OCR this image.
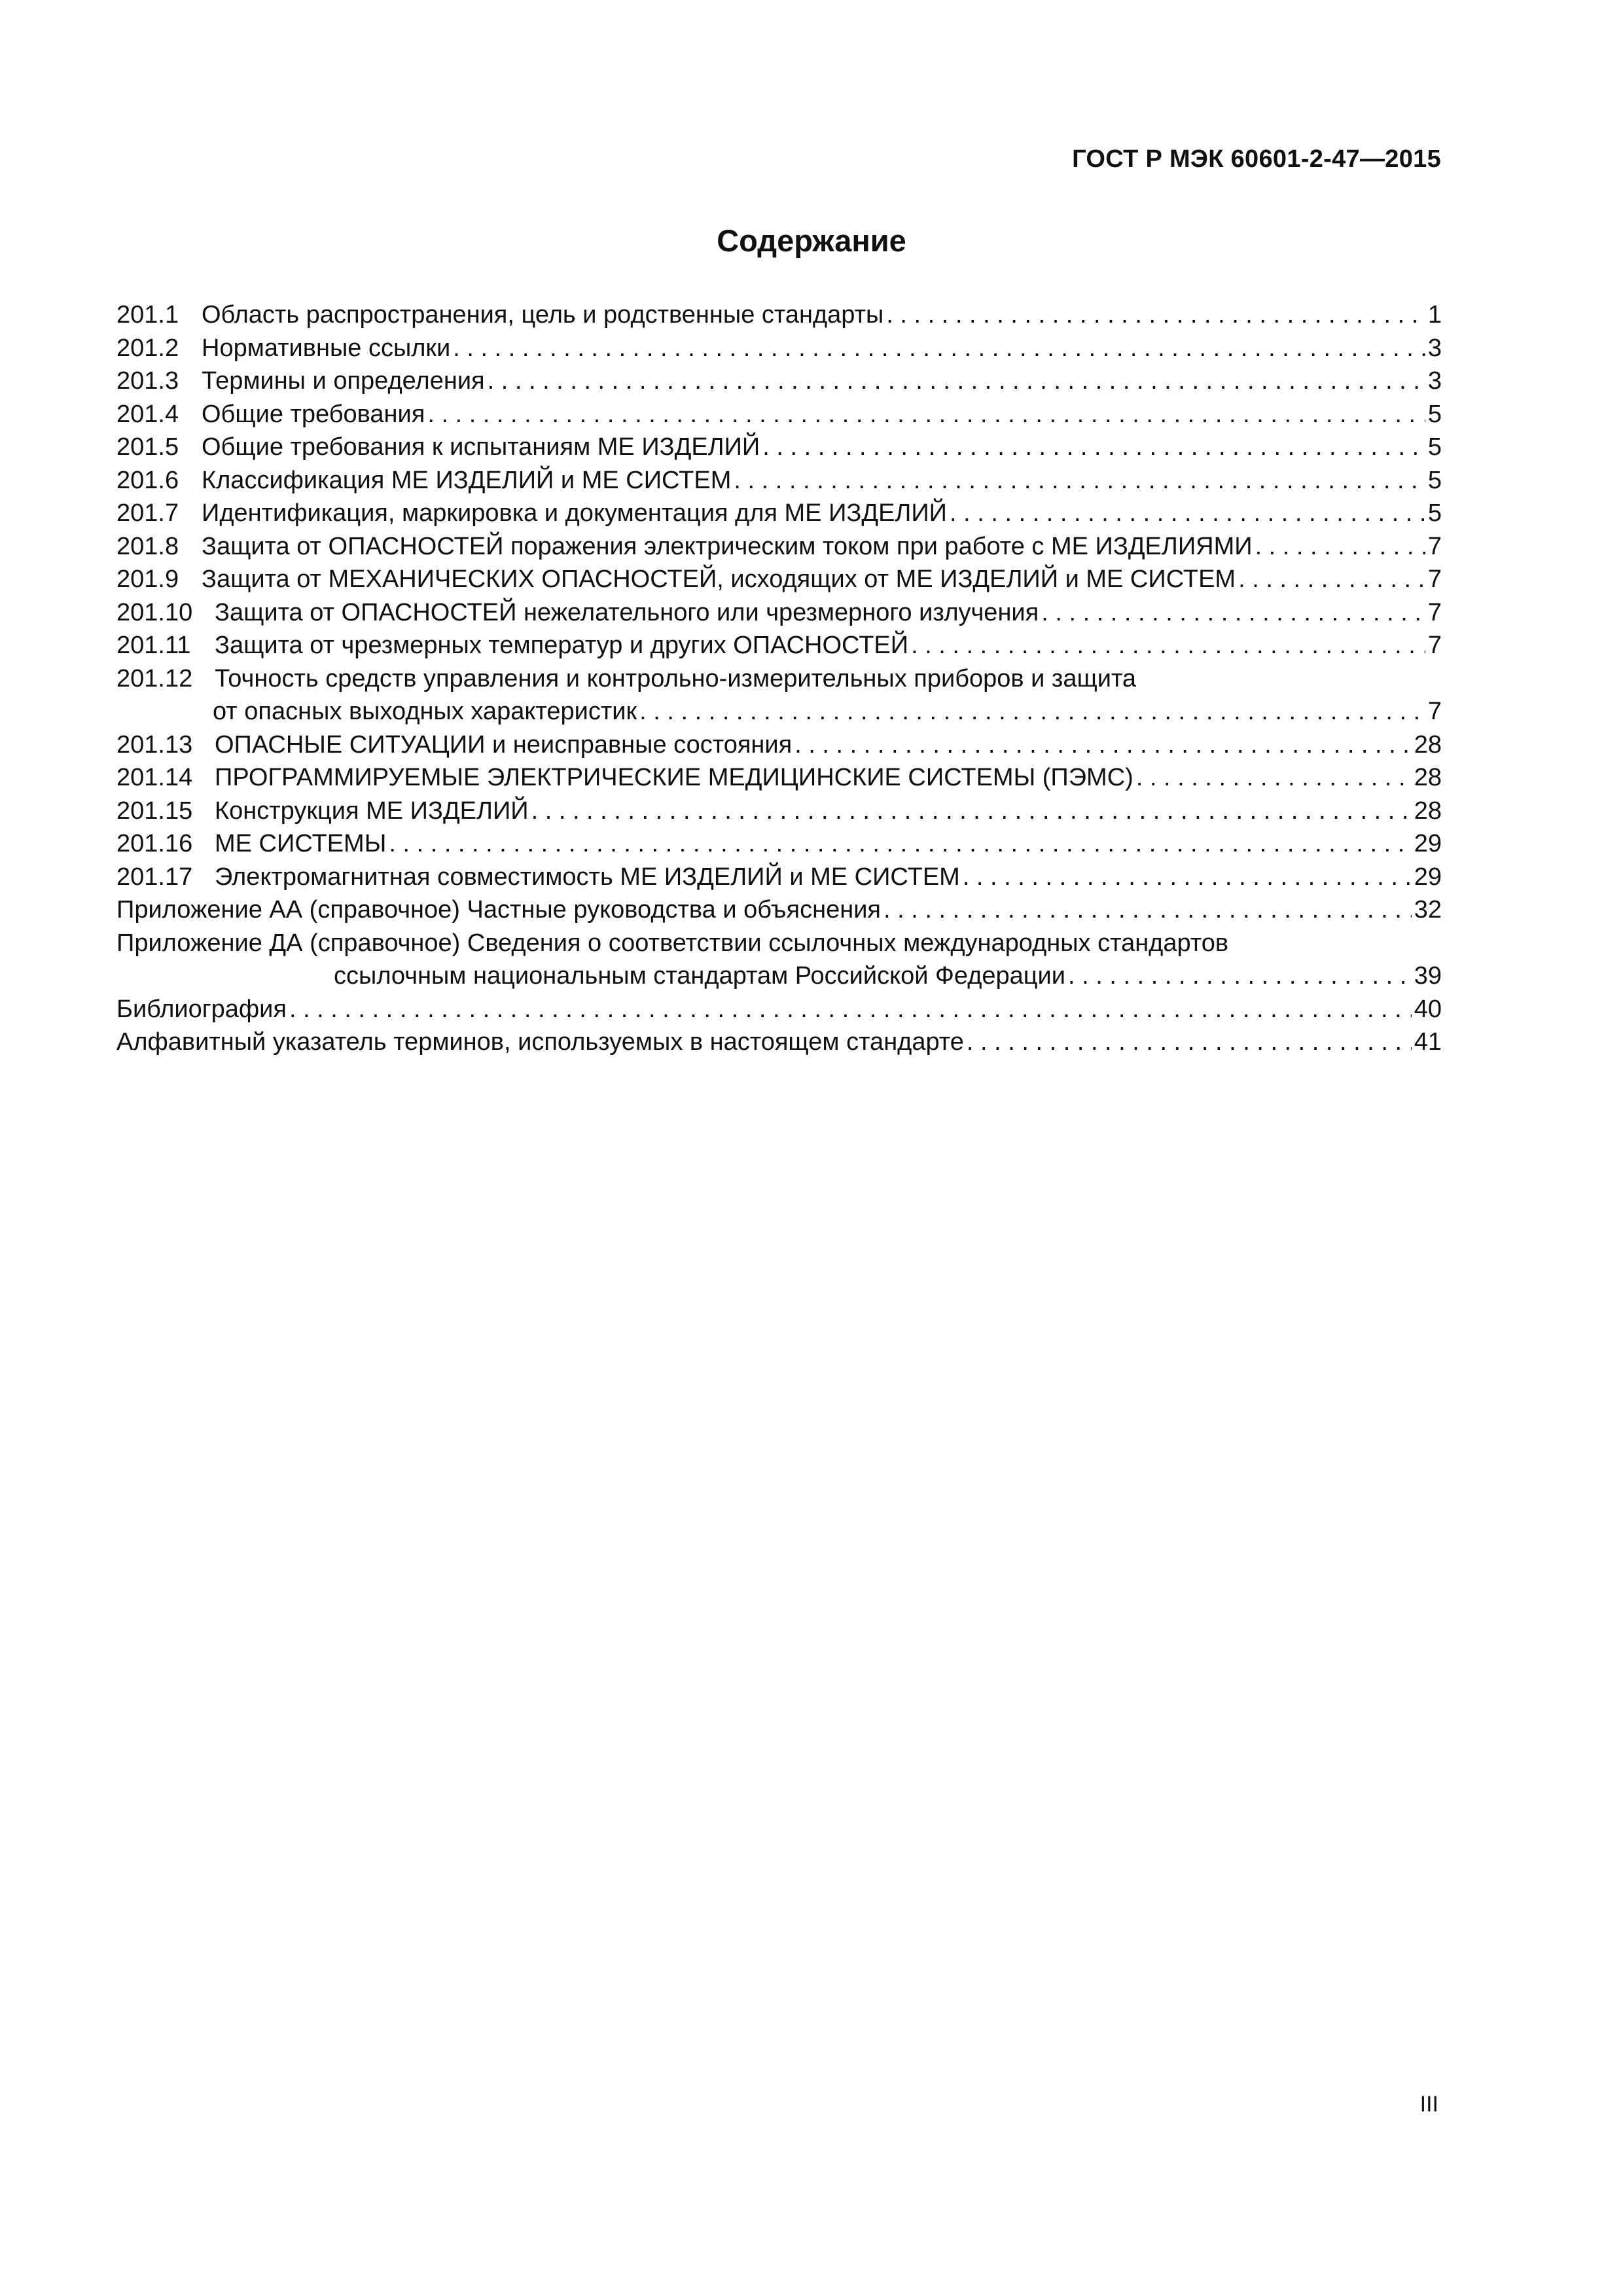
ГОСТ Р МЭК 60601-2-47—2015
Содержание
201.1 Область распространения, цель и родственные стандарты . . .	1
201.2 Нормативные ссылки . . .	3
201.3 Термины и определения . . .	3
201.4 Общие требования . . .	5
201.5 Общие требования к испытаниям МЕ ИЗДЕЛИЙ . . .	5
201.6 Классификация МЕ ИЗДЕЛИЙ и МЕ СИСТЕМ . . .	5
201.7 Идентификация, маркировка и документация для МЕ ИЗДЕЛИЙ . . .	5
201.8 Защита от ОПАСНОСТЕЙ поражения электрическим током при работе с МЕ ИЗДЕЛИЯМИ . . .	7
201.9 Защита от МЕХАНИЧЕСКИХ ОПАСНОСТЕЙ, исходящих от МЕ ИЗДЕЛИЙ и МЕ СИСТЕМ . . .	7
201.10 Защита от ОПАСНОСТЕЙ нежелательного или чрезмерного излучения . . .	7
201.11 Защита от чрезмерных температур и других ОПАСНОСТЕЙ . . .	7
201.12 Точность средств управления и контрольно-измерительных приборов и защита
от опасных выходных характеристик . . .	7
201.13 ОПАСНЫЕ СИТУАЦИИ и неисправные состояния . . .	28
201.14 ПРОГРАММИРУЕМЫЕ ЭЛЕКТРИЧЕСКИЕ МЕДИЦИНСКИЕ СИСТЕМЫ (ПЭМС) . . .	28
201.15 Конструкция МЕ ИЗДЕЛИЙ . . .	28
201.16 МЕ СИСТЕМЫ . . .	29
201.17 Электромагнитная совместимость МЕ ИЗДЕЛИЙ и МЕ СИСТЕМ . . .	29
Приложение АА (справочное) Частные руководства и объяснения . . .	32
Приложение ДА (справочное) Сведения о соответствии ссылочных международных стандартов
ссылочным национальным стандартам Российской Федерации . . .	39
Библиография . . .	40
Алфавитный указатель терминов, используемых в настоящем стандарте . . .	41
III
